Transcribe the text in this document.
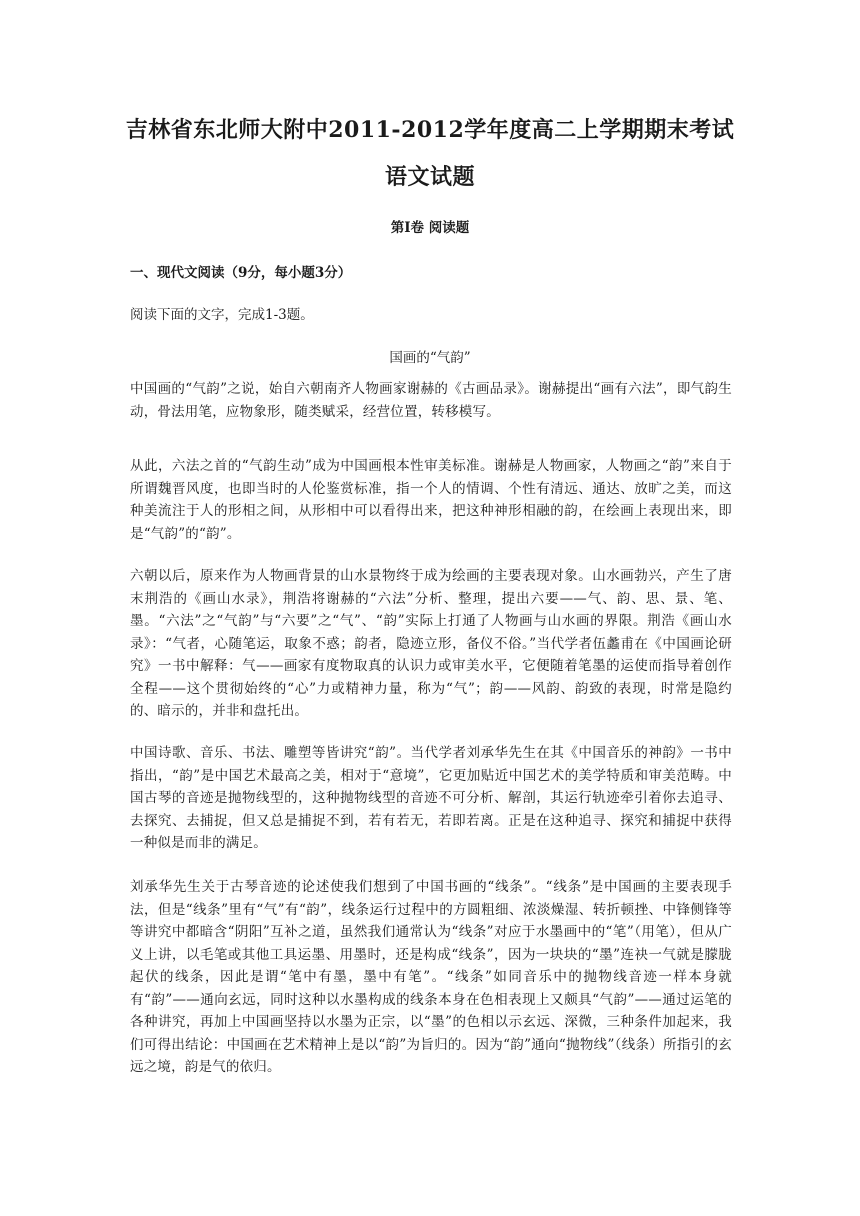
吉林省东北师大附中2011-2012学年度高二上学期期末考试
语文试题
第Ⅰ卷 阅读题
一、现代文阅读（9分，每小题3分）
阅读下面的文字，完成1-3题。
国画的“气韵”
中国画的“气韵”之说，始自六朝南齐人物画家谢赫的《古画品录》。谢赫提出“画有六法”，即气韵生动，骨法用笔，应物象形，随类赋采，经营位置，转移模写。
从此，六法之首的“气韵生动”成为中国画根本性审美标准。谢赫是人物画家，人物画之“韵”来自于所谓魏晋风度，也即当时的人伦鉴赏标准，指一个人的情调、个性有清远、通达、放旷之美，而这种美流注于人的形相之间，从形相中可以看得出来，把这种神形相融的韵，在绘画上表现出来，即是“气韵”的“韵”。
六朝以后，原来作为人物画背景的山水景物终于成为绘画的主要表现对象。山水画勃兴，产生了唐末荆浩的《画山水录》，荆浩将谢赫的“六法”分析、整理，提出六要——气、韵、思、景、笔、墨。“六法”之“气韵”与“六要”之“气”、“韵”实际上打通了人物画与山水画的界限。荆浩《画山水录》：“气者，心随笔运，取象不惑；韵者，隐迹立形，备仪不俗。”当代学者伍蠡甫在《中国画论研究》一书中解释：气——画家有度物取真的认识力或审美水平，它便随着笔墨的运使而指导着创作全程——这个贯彻始终的“心”力或精神力量，称为“气”；韵——风韵、韵致的表现，时常是隐约的、暗示的，并非和盘托出。
中国诗歌、音乐、书法、雕塑等皆讲究“韵”。当代学者刘承华先生在其《中国音乐的神韵》一书中指出，“韵”是中国艺术最高之美，相对于“意境”，它更加贴近中国艺术的美学特质和审美范畴。中国古琴的音迹是抛物线型的，这种抛物线型的音迹不可分析、解剖，其运行轨迹牵引着你去追寻、去探究、去捕捉，但又总是捕捉不到，若有若无，若即若离。正是在这种追寻、探究和捕捉中获得一种似是而非的满足。
刘承华先生关于古琴音迹的论述使我们想到了中国书画的“线条”。“线条”是中国画的主要表现手法，但是“线条”里有“气”有“韵”，线条运行过程中的方圆粗细、浓淡燥湿、转折顿挫、中锋侧锋等等讲究中都暗含“阴阳”互补之道，虽然我们通常认为“线条”对应于水墨画中的“笔”（用笔），但从广义上讲，以毛笔或其他工具运墨、用墨时，还是构成“线条”，因为一块块的“墨”连袂一气就是朦胧起伏的线条，因此是谓“笔中有墨，墨中有笔”。“线条”如同音乐中的抛物线音迹一样本身就有“韵”——通向玄远，同时这种以水墨构成的线条本身在色相表现上又颇具“气韵”——通过运笔的各种讲究，再加上中国画坚持以水墨为正宗，以“墨”的色相以示玄远、深微，三种条件加起来，我们可得出结论：中国画在艺术精神上是以“韵”为旨归的。因为“韵”通向“抛物线”（线条）所指引的玄远之境，韵是气的依归。
